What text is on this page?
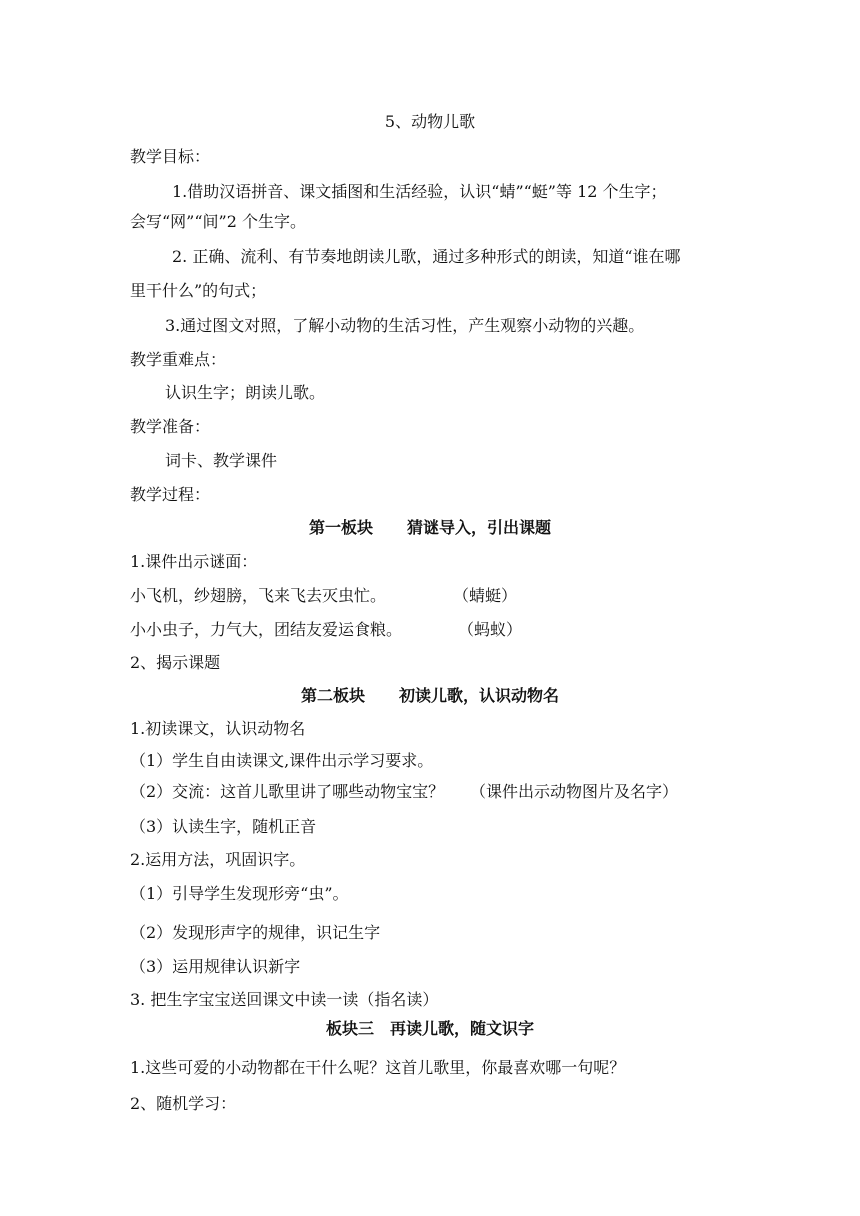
5、动物儿歌
教学目标：
1.借助汉语拼音、课文插图和生活经验，认识“蜻”“蜓”等 12 个生字；
会写“网”“间”2 个生字。
2. 正确、流利、有节奏地朗读儿歌，通过多种形式的朗读，知道“谁在哪
里干什么”的句式；
3.通过图文对照，了解小动物的生活习性，产生观察小动物的兴趣。
教学重难点：
认识生字；朗读儿歌。
教学准备：
词卡、教学课件
教学过程：
第一板块 猜谜导入，引出课题
1.课件出示谜面：
小飞机，纱翅膀，飞来飞去灭虫忙。	（蜻蜓）
小小虫子，力气大，团结友爱运食粮。	（蚂蚁）
2、揭示课题
第二板块 初读儿歌，认识动物名
1.初读课文，认识动物名
（1）学生自由读课文,课件出示学习要求。
（2）交流：这首儿歌里讲了哪些动物宝宝？ （课件出示动物图片及名字）
（3）认读生字，随机正音
2.运用方法，巩固识字。
（1）引导学生发现形旁“虫”。
（2）发现形声字的规律，识记生字
（3）运用规律认识新字
3. 把生字宝宝送回课文中读一读（指名读）
板块三 再读儿歌，随文识字
1.这些可爱的小动物都在干什么呢？这首儿歌里，你最喜欢哪一句呢？
2、随机学习：
